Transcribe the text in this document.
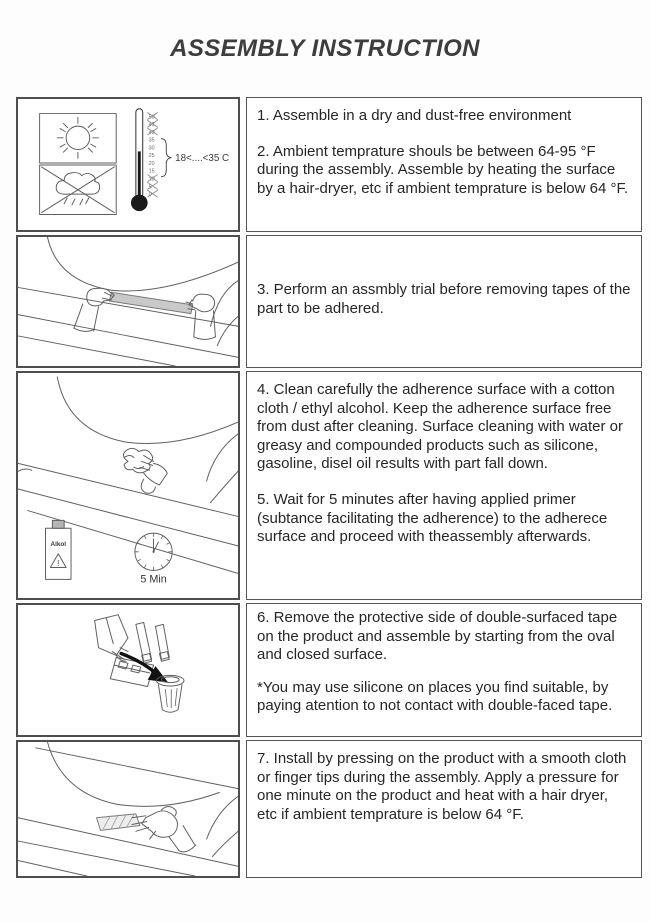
ASSEMBLY INSTRUCTION
50
45
40
35
30
25
20
15
10
5
0
18<....<35 C

1. Assemble in a dry and dust-free environment

2. Ambient temprature shouls be between 64-95 °F during the assembly. Assemble by heating the surface by a hair-dryer, etc if ambient temprature is below 64 °F.

3. Perform an assmbly trial before removing tapes of the part to be adhered.

Alkol
!
5 Min

4. Clean carefully the adherence surface with a cotton cloth / ethyl alcohol. Keep the adherence surface free from dust after cleaning. Surface cleaning with water or greasy and compounded products such as silicone, gasoline, disel oil results with part fall down.

5. Wait for 5 minutes after having applied primer (subtance facilitating the adherence) to the adherece surface and proceed with theassembly afterwards.

6. Remove the protective side of double-surfaced tape on the product and assemble by starting from the oval and closed surface.

*You may use silicone on places you find suitable, by paying atention to not contact with double-faced tape.

7. Install by pressing on the product with a smooth cloth or finger tips during the assembly. Apply a pressure for one minute on the product and heat with a hair dryer, etc if ambient temprature is below 64 °F.
